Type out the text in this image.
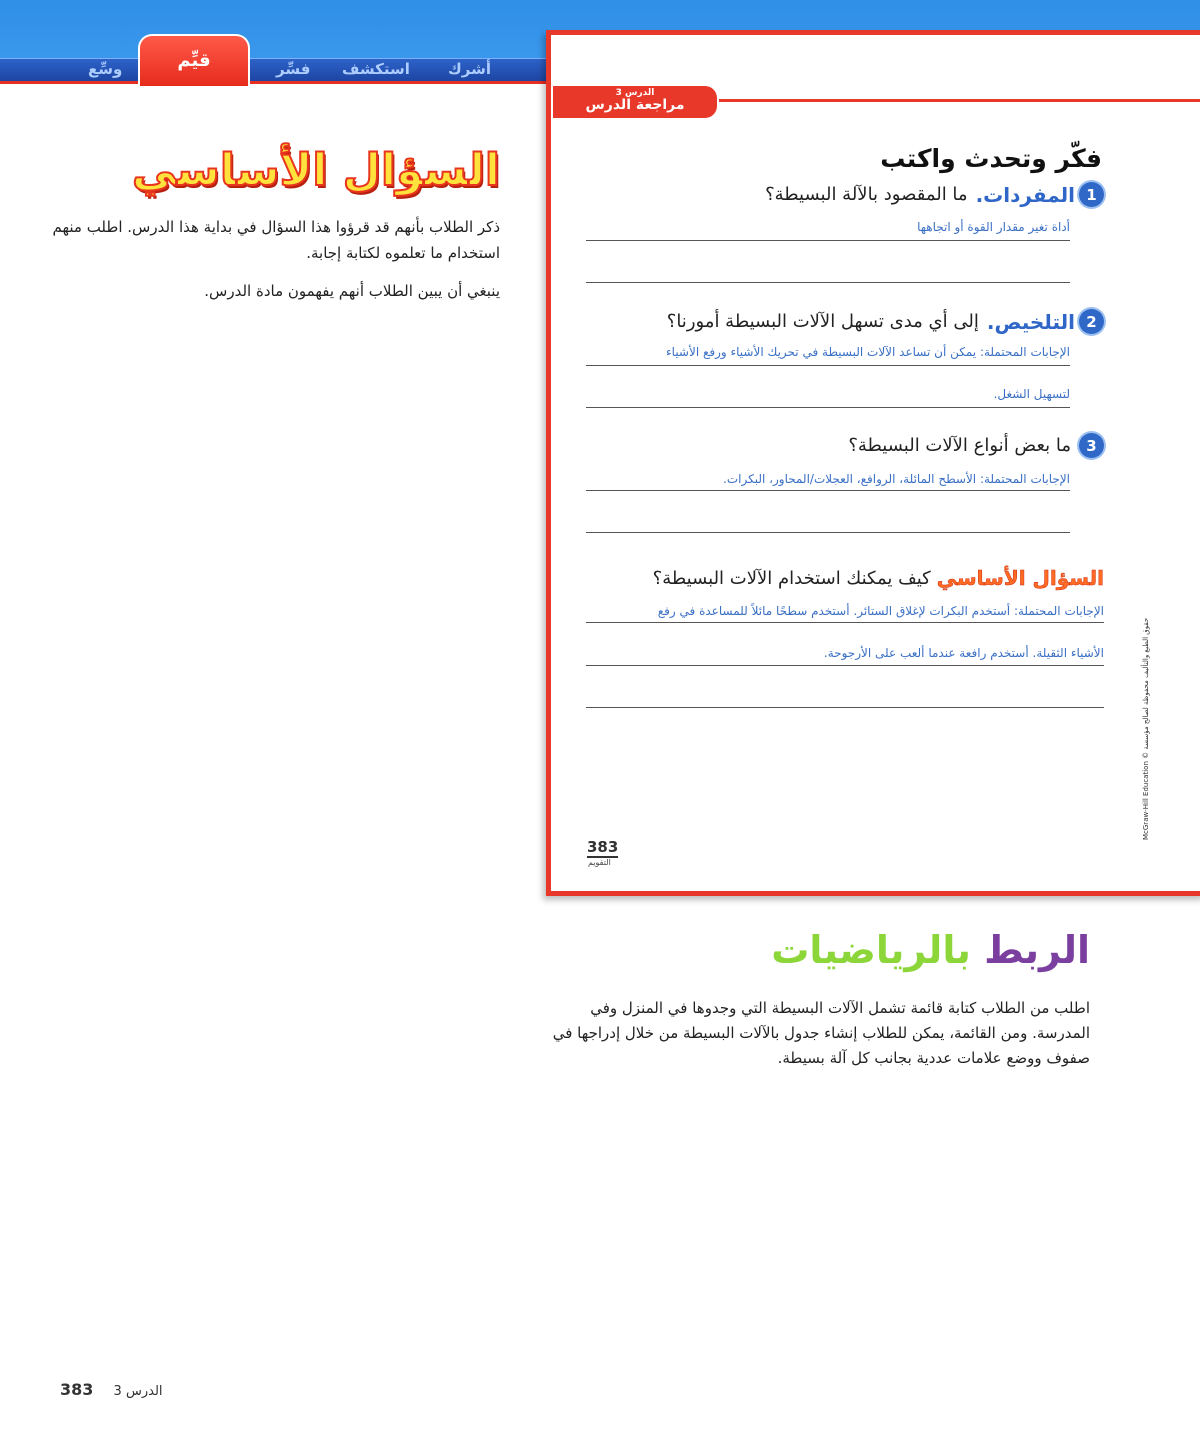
أشرك
استكشف
فسِّر
وسِّع	قيِّم
الدرس 3
مراجعة الدرس
فكّر وتحدث واكتب
1
المفردات.
ما المقصود بالآلة البسيطة؟
أداة تغير مقدار القوة أو اتجاهها
2
التلخيص.
إلى أي مدى تسهل الآلات البسيطة أمورنا؟
الإجابات المحتملة: يمكن أن تساعد الآلات البسيطة في تحريك الأشياء ورفع الأشياء
لتسهيل الشغل.
3
ما بعض أنواع الآلات البسيطة؟
الإجابات المحتملة: الأسطح المائلة، الروافع، العجلات/المحاور، البكرات.
السؤال الأساسي
كيف يمكنك استخدام الآلات البسيطة؟
الإجابات المحتملة: أستخدم البكرات لإغلاق الستائر. أستخدم سطحًا مائلاً للمساعدة في رفع
الأشياء الثقيلة. أستخدم رافعة عندما ألعب على الأرجوحة.
383
التقويم
McGraw-Hill Education © حقوق الطبع والتأليف محفوظة لصالح مؤسسة
السؤال الأساسي
ذكر الطلاب بأنهم قد قرؤوا هذا السؤال في بداية هذا الدرس. اطلب منهم استخدام ما تعلموه لكتابة إجابة.
ينبغي أن يبين الطلاب أنهم يفهمون مادة الدرس.
الربط بالرياضيات
اطلب من الطلاب كتابة قائمة تشمل الآلات البسيطة التي وجدوها في المنزل وفي المدرسة. ومن القائمة، يمكن للطلاب إنشاء جدول بالآلات البسيطة من خلال إدراجها في صفوف ووضع علامات عددية بجانب كل آلة بسيطة.
383 3 الدرس
